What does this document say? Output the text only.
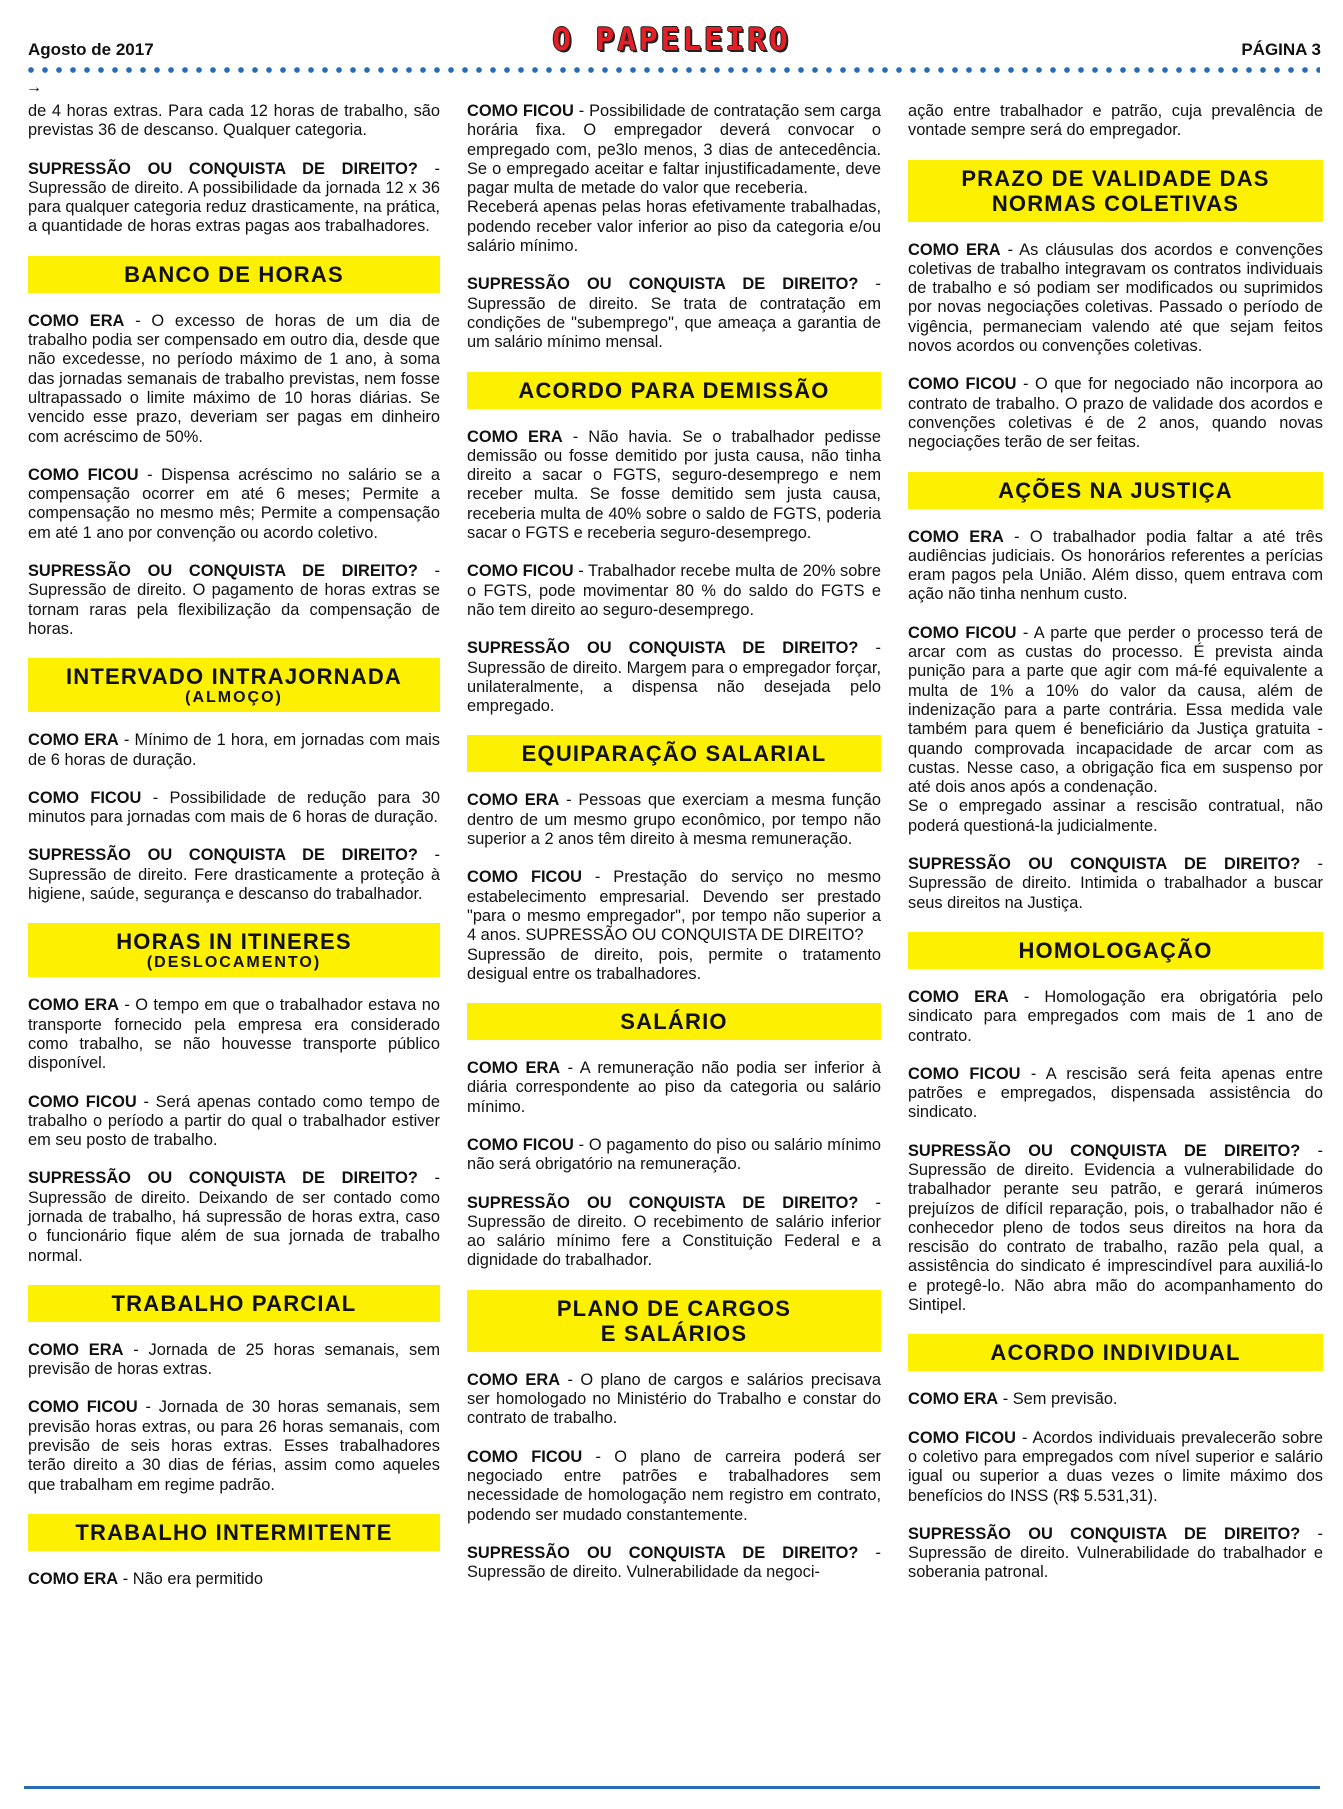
Agosto de 2017	O PAPELEIRO	PÁGINA 3
→

de 4 horas extras. Para cada 12 horas de trabalho, são previstas 36 de descanso. Qualquer categoria.

SUPRESSÃO OU CONQUISTA DE DIREITO? - Supressão de direito. A possibilidade da jornada 12 x 36 para qualquer categoria reduz drasticamente, na prática, a quantidade de horas extras pagas aos trabalhadores.

BANCO DE HORAS

COMO ERA - O excesso de horas de um dia de trabalho podia ser compensado em outro dia, desde que não excedesse, no período máximo de 1 ano, à soma das jornadas semanais de trabalho previstas, nem fosse ultrapassado o limite máximo de 10 horas diárias. Se vencido esse prazo, deveriam ser pagas em dinheiro com acréscimo de 50%.

COMO FICOU - Dispensa acréscimo no salário se a compensação ocorrer em até 6 meses; Permite a compensação no mesmo mês; Permite a compensação em até 1 ano por convenção ou acordo coletivo.

SUPRESSÃO OU CONQUISTA DE DIREITO? - Supressão de direito. O pagamento de horas extras se tornam raras pela flexibilização da compensação de horas.

INTERVADO INTRAJORNADA
(ALMOÇO)

COMO ERA - Mínimo de 1 hora, em jornadas com mais de 6 horas de duração.

COMO FICOU - Possibilidade de redução para 30 minutos para jornadas com mais de 6 horas de duração.

SUPRESSÃO OU CONQUISTA DE DIREITO? - Supressão de direito. Fere drasticamente a proteção à higiene, saúde, segurança e descanso do trabalhador.

HORAS IN ITINERES
(DESLOCAMENTO)

COMO ERA - O tempo em que o trabalhador estava no transporte fornecido pela empresa era considerado como trabalho, se não houvesse transporte público disponível.

COMO FICOU - Será apenas contado como tempo de trabalho o período a partir do qual o trabalhador estiver em seu posto de trabalho.

SUPRESSÃO OU CONQUISTA DE DIREITO? - Supressão de direito. Deixando de ser contado como jornada de trabalho, há supressão de horas extra, caso o funcionário fique além de sua jornada de trabalho normal.

TRABALHO PARCIAL

COMO ERA - Jornada de 25 horas semanais, sem previsão de horas extras.

COMO FICOU - Jornada de 30 horas semanais, sem previsão horas extras, ou para 26 horas semanais, com previsão de seis horas extras. Esses trabalhadores terão direito a 30 dias de férias, assim como aqueles que trabalham em regime padrão.

TRABALHO INTERMITENTE

COMO ERA - Não era permitido

COMO FICOU - Possibilidade de contratação sem carga horária fixa. O empregador deverá convocar o empregado com, pe3lo menos, 3 dias de antecedência. Se o empregado aceitar e faltar injustificadamente, deve pagar multa de metade do valor que receberia.
Receberá apenas pelas horas efetivamente trabalhadas, podendo receber valor inferior ao piso da categoria e/ou salário mínimo.

SUPRESSÃO OU CONQUISTA DE DIREITO? - Supressão de direito. Se trata de contratação em condições de "subemprego", que ameaça a garantia de um salário mínimo mensal.

ACORDO PARA DEMISSÃO

COMO ERA - Não havia. Se o trabalhador pedisse demissão ou fosse demitido por justa causa, não tinha direito a sacar o FGTS, seguro-desemprego e nem receber multa. Se fosse demitido sem justa causa, receberia multa de 40% sobre o saldo de FGTS, poderia sacar o FGTS e receberia seguro-desemprego.

COMO FICOU - Trabalhador recebe multa de 20% sobre o FGTS, pode movimentar 80 % do saldo do FGTS e não tem direito ao seguro-desemprego.

SUPRESSÃO OU CONQUISTA DE DIREITO? - Supressão de direito. Margem para o empregador forçar, unilateralmente, a dispensa não desejada pelo empregado.

EQUIPARAÇÃO SALARIAL

COMO ERA - Pessoas que exerciam a mesma função dentro de um mesmo grupo econômico, por tempo não superior a 2 anos têm direito à mesma remuneração.

COMO FICOU - Prestação do serviço no mesmo estabelecimento empresarial. Devendo ser prestado "para o mesmo empregador", por tempo não superior a 4 anos. SUPRESSÃO OU CONQUISTA DE DIREITO?
Supressão de direito, pois, permite o tratamento desigual entre os trabalhadores.

SALÁRIO

COMO ERA - A remuneração não podia ser inferior à diária correspondente ao piso da categoria ou salário mínimo.

COMO FICOU - O pagamento do piso ou salário mínimo não será obrigatório na remuneração.

SUPRESSÃO OU CONQUISTA DE DIREITO? - Supressão de direito. O recebimento de salário inferior ao salário mínimo fere a Constituição Federal e a dignidade do trabalhador.

PLANO DE CARGOS
E SALÁRIOS

COMO ERA - O plano de cargos e salários precisava ser homologado no Ministério do Trabalho e constar do contrato de trabalho.

COMO FICOU - O plano de carreira poderá ser negociado entre patrões e trabalhadores sem necessidade de homologação nem registro em contrato, podendo ser mudado constantemente.

SUPRESSÃO OU CONQUISTA DE DIREITO? - Supressão de direito. Vulnerabilidade da negoci-

ação entre trabalhador e patrão, cuja prevalência de vontade sempre será do empregador.

PRAZO DE VALIDADE DAS
NORMAS COLETIVAS

COMO ERA - As cláusulas dos acordos e convenções coletivas de trabalho integravam os contratos individuais de trabalho e só podiam ser modificados ou suprimidos por novas negociações coletivas. Passado o período de vigência, permaneciam valendo até que sejam feitos novos acordos ou convenções coletivas.

COMO FICOU - O que for negociado não incorpora ao contrato de trabalho. O prazo de validade dos acordos e convenções coletivas é de 2 anos, quando novas negociações terão de ser feitas.

AÇÕES NA JUSTIÇA

COMO ERA - O trabalhador podia faltar a até três audiências judiciais. Os honorários referentes a perícias eram pagos pela União. Além disso, quem entrava com ação não tinha nenhum custo.

COMO FICOU - A parte que perder o processo terá de arcar com as custas do processo. É prevista ainda punição para a parte que agir com má-fé equivalente a multa de 1% a 10% do valor da causa, além de indenização para a parte contrária. Essa medida vale também para quem é beneficiário da Justiça gratuita - quando comprovada incapacidade de arcar com as custas. Nesse caso, a obrigação fica em suspenso por até dois anos após a condenação.
Se o empregado assinar a rescisão contratual, não poderá questioná-la judicialmente.

SUPRESSÃO OU CONQUISTA DE DIREITO? - Supressão de direito. Intimida o trabalhador a buscar seus direitos na Justiça.

HOMOLOGAÇÃO

COMO ERA - Homologação era obrigatória pelo sindicato para empregados com mais de 1 ano de contrato.

COMO FICOU - A rescisão será feita apenas entre patrões e empregados, dispensada assistência do sindicato.

SUPRESSÃO OU CONQUISTA DE DIREITO? - Supressão de direito. Evidencia a vulnerabilidade do trabalhador perante seu patrão, e gerará inúmeros prejuízos de difícil reparação, pois, o trabalhador não é conhecedor pleno de todos seus direitos na hora da rescisão do contrato de trabalho, razão pela qual, a assistência do sindicato é imprescindível para auxiliá-lo e protegê-lo. Não abra mão do acompanhamento do Sintipel.

ACORDO INDIVIDUAL

COMO ERA - Sem previsão.

COMO FICOU - Acordos individuais prevalecerão sobre o coletivo para empregados com nível superior e salário igual ou superior a duas vezes o limite máximo dos benefícios do INSS (R$ 5.531,31).

SUPRESSÃO OU CONQUISTA DE DIREITO? - Supressão de direito. Vulnerabilidade do trabalhador e soberania patronal.
